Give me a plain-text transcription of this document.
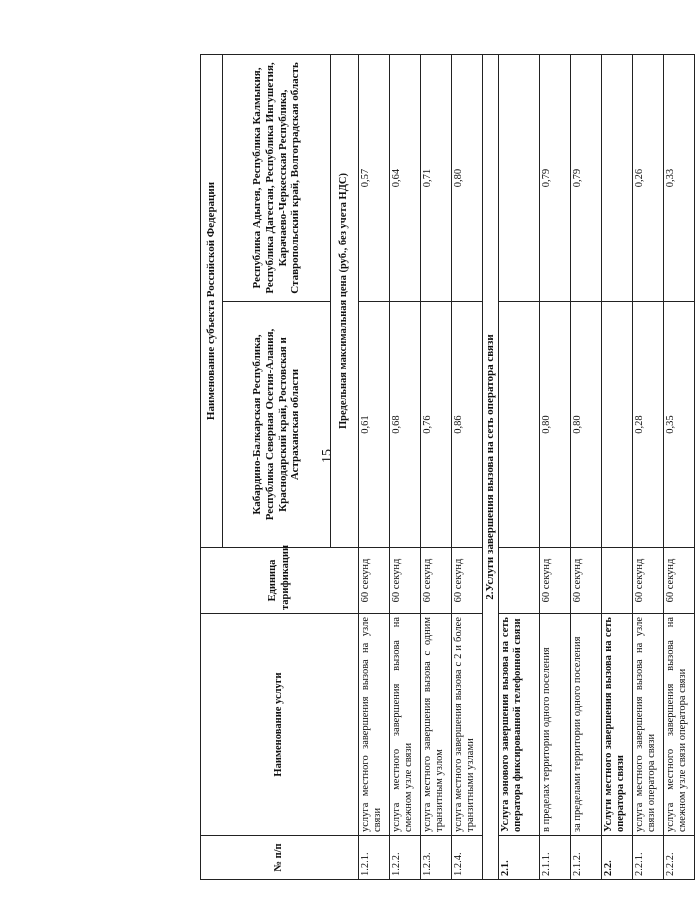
15
№ п/п	Наименование услуги	Единица тарификации	Наименование субъекта Российской Федерации	
			Кабардино-Балкарская Республика, Республика Северная Осетия-Алания, Краснодарский край, Ростовская и Астраханская области	Республика Адыгея, Республика Калмыкия, Республика Дагестан, Республика Ингушетия, Карачаево-Черкесская Республика, Ставропольский край, Волгоградская область
			Предельная максимальная цена (руб., без учета НДС)	
1.2.1.	услуга местного завершения вызова на узле связи	60 секунд	0,61	0,57
1.2.2.	услуга местного завершения вызова на смежном узле связи	60 секунд	0,68	0,64
1.2.3.	услуга местного завершения вызова с одним транзитным узлом	60 секунд	0,76	0,71
1.2.4.	услуга местного завершения вызова с 2 и более транзитными узлами	60 секунд	0,86	0,80
2.Услуги завершения вызова на сеть оператора связи				
2.1.	Услуга зонового завершения вызова на сеть оператора фиксированной телефонной связи			
2.1.1.	в пределах территории одного поселения	60 секунд	0,80	0,79
2.1.2.	за пределами территории одного поселения	60 секунд	0,80	0,79
2.2.	Услуги местного завершения вызова на сеть оператора связи			
2.2.1.	услуга местного завершения вызова на узле связи оператора связи	60 секунд	0,28	0,26
2.2.2.	услуга местного завершения вызова на смежном узле связи оператора связи	60 секунд	0,35	0,33
